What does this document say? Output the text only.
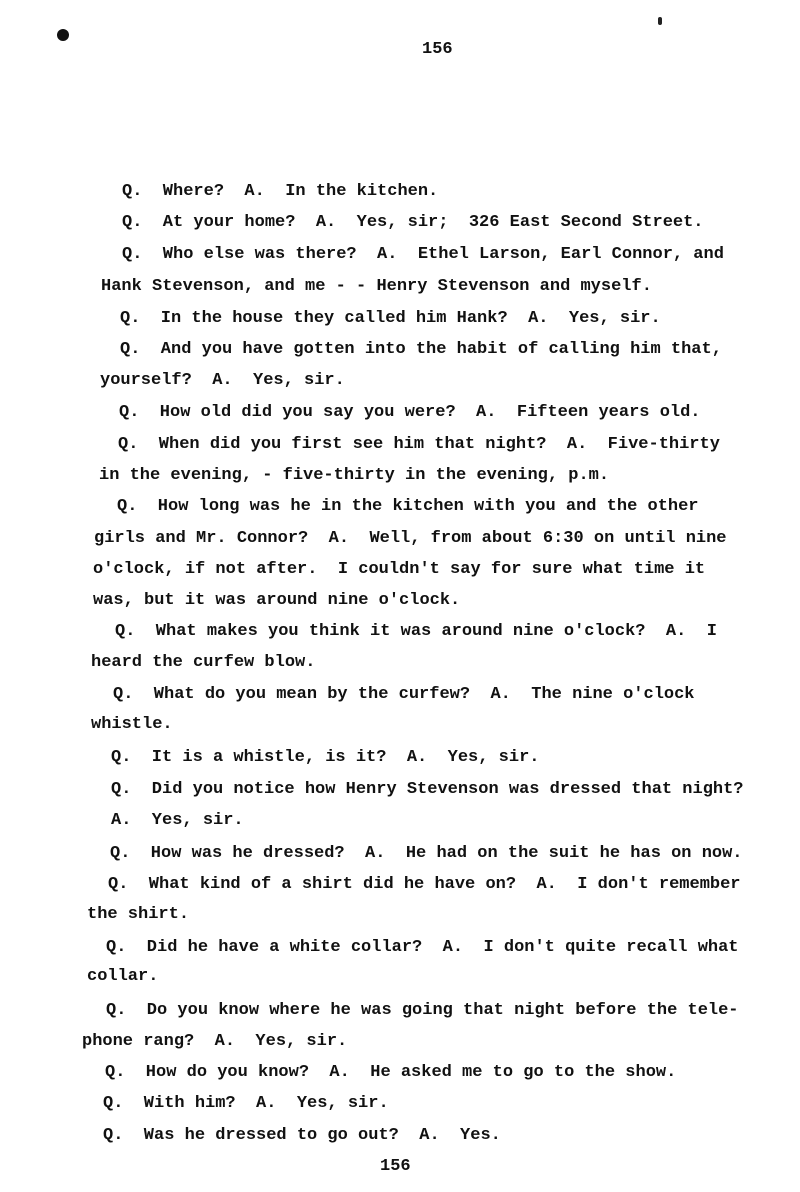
156
Q.  Where?  A.  In the kitchen.
Q.  At your home?  A.  Yes, sir;  326 East Second Street.
Q.  Who else was there?  A.  Ethel Larson, Earl Connor, and
Hank Stevenson, and me - - Henry Stevenson and myself.
Q.  In the house they called him Hank?  A.  Yes, sir.
Q.  And you have gotten into the habit of calling him that,
yourself?  A.  Yes, sir.
Q.  How old did you say you were?  A.  Fifteen years old.
Q.  When did you first see him that night?  A.  Five-thirty
in the evening, - five-thirty in the evening, p.m.
Q.  How long was he in the kitchen with you and the other
girls and Mr. Connor?  A.  Well, from about 6:30 on until nine
o'clock, if not after.  I couldn't say for sure what time it
was, but it was around nine o'clock.
Q.  What makes you think it was around nine o'clock?  A.  I
heard the curfew blow.
Q.  What do you mean by the curfew?  A.  The nine o'clock
whistle.
Q.  It is a whistle, is it?  A.  Yes, sir.
Q.  Did you notice how Henry Stevenson was dressed that night?
A.  Yes, sir.
Q.  How was he dressed?  A.  He had on the suit he has on now.
Q.  What kind of a shirt did he have on?  A.  I don't remember
the shirt.
Q.  Did he have a white collar?  A.  I don't quite recall what
collar.
Q.  Do you know where he was going that night before the tele-
phone rang?  A.  Yes, sir.
Q.  How do you know?  A.  He asked me to go to the show.
Q.  With him?  A.  Yes, sir.
Q.  Was he dressed to go out?  A.  Yes.
156
